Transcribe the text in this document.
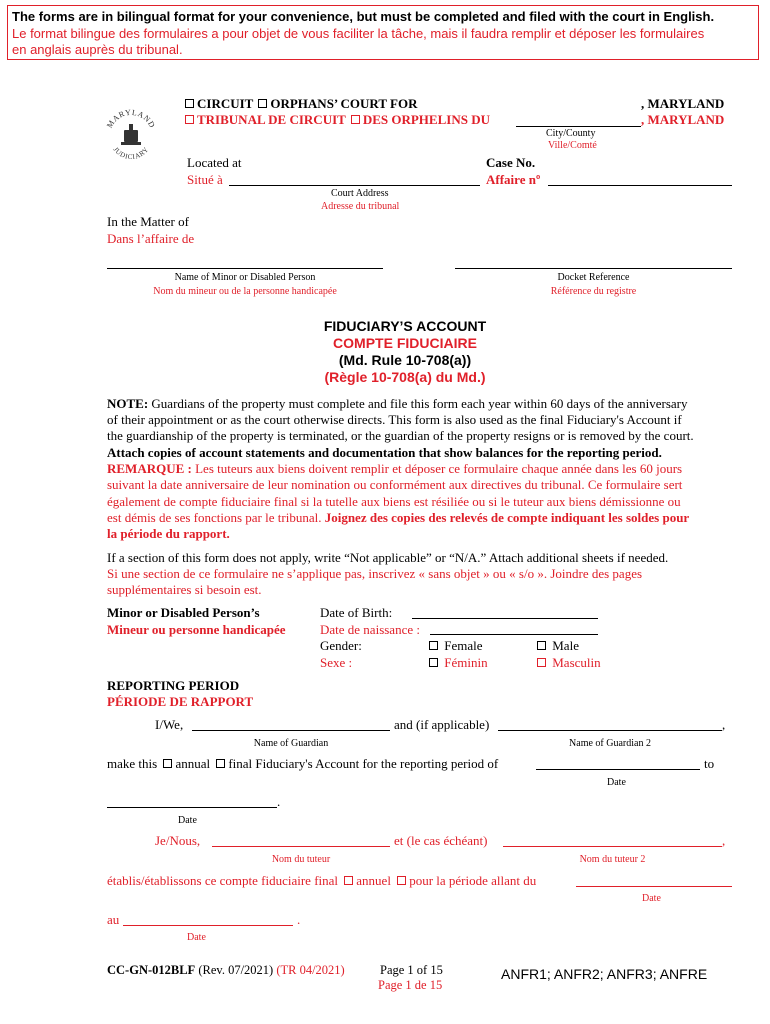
The forms are in bilingual format for your convenience, but must be completed and filed with the court in English.
Le format bilingue des formulaires a pour objet de vous faciliter la tâche, mais il faudra remplir et déposer les formulaires
en anglais auprès du tribunal.
MARYLAND
JUDICIARY
CIRCUIT ORPHANS’ COURT FOR	, MARYLAND
TRIBUNAL DE CIRCUIT DES ORPHELINS DU	, MARYLAND
City/County
Ville/Comté
Located at
Situé à
Court Address
Adresse du tribunal
Case No.
Affaire nº
In the Matter of
Dans l’affaire de
Name of Minor or Disabled Person
Nom du mineur ou de la personne handicapée
Docket Reference
Référence du registre
FIDUCIARY’S ACCOUNT
COMPTE FIDUCIAIRE
(Md. Rule 10-708(a))
(Règle 10-708(a) du Md.)
NOTE: Guardians of the property must complete and file this form each year within 60 days of the anniversary
of their appointment or as the court otherwise directs. This form is also used as the final Fiduciary's Account if
the guardianship of the property is terminated, or the guardian of the property resigns or is removed by the court.
Attach copies of account statements and documentation that show balances for the reporting period.
REMARQUE : Les tuteurs aux biens doivent remplir et déposer ce formulaire chaque année dans les 60 jours
suivant la date anniversaire de leur nomination ou conformément aux directives du tribunal. Ce formulaire sert
également de compte fiduciaire final si la tutelle aux biens est résiliée ou si le tuteur aux biens démissionne ou
est démis de ses fonctions par le tribunal. Joignez des copies des relevés de compte indiquant les soldes pour
la période du rapport.
If a section of this form does not apply, write “Not applicable” or “N/A.” Attach additional sheets if needed.
Si une section de ce formulaire ne s’applique pas, inscrivez « sans objet » ou « s/o ». Joindre des pages
supplémentaires si besoin est.
Minor or Disabled Person’s
Mineur ou personne handicapée
Date of Birth:
Date de naissance :
Gender:
Sexe :
Female
Féminin
Male
Masculin
REPORTING PERIOD
PÉRIODE DE RAPPORT
I/We,	and (if applicable)	,
Name of Guardian	Name of Guardian 2
make this annual final Fiduciary's Account for the reporting period of	to
Date
.
Date
Je/Nous,	et (le cas échéant)	,
Nom du tuteur	Nom du tuteur 2
établis/établissons ce compte fiduciaire final annuel pour la période allant du
Date
au	.
Date
CC-GN-012BLF (Rev. 07/2021) (TR 04/2021)	Page 1 of 15
Page 1 de 15
ANFR1; ANFR2; ANFR3; ANFRE
